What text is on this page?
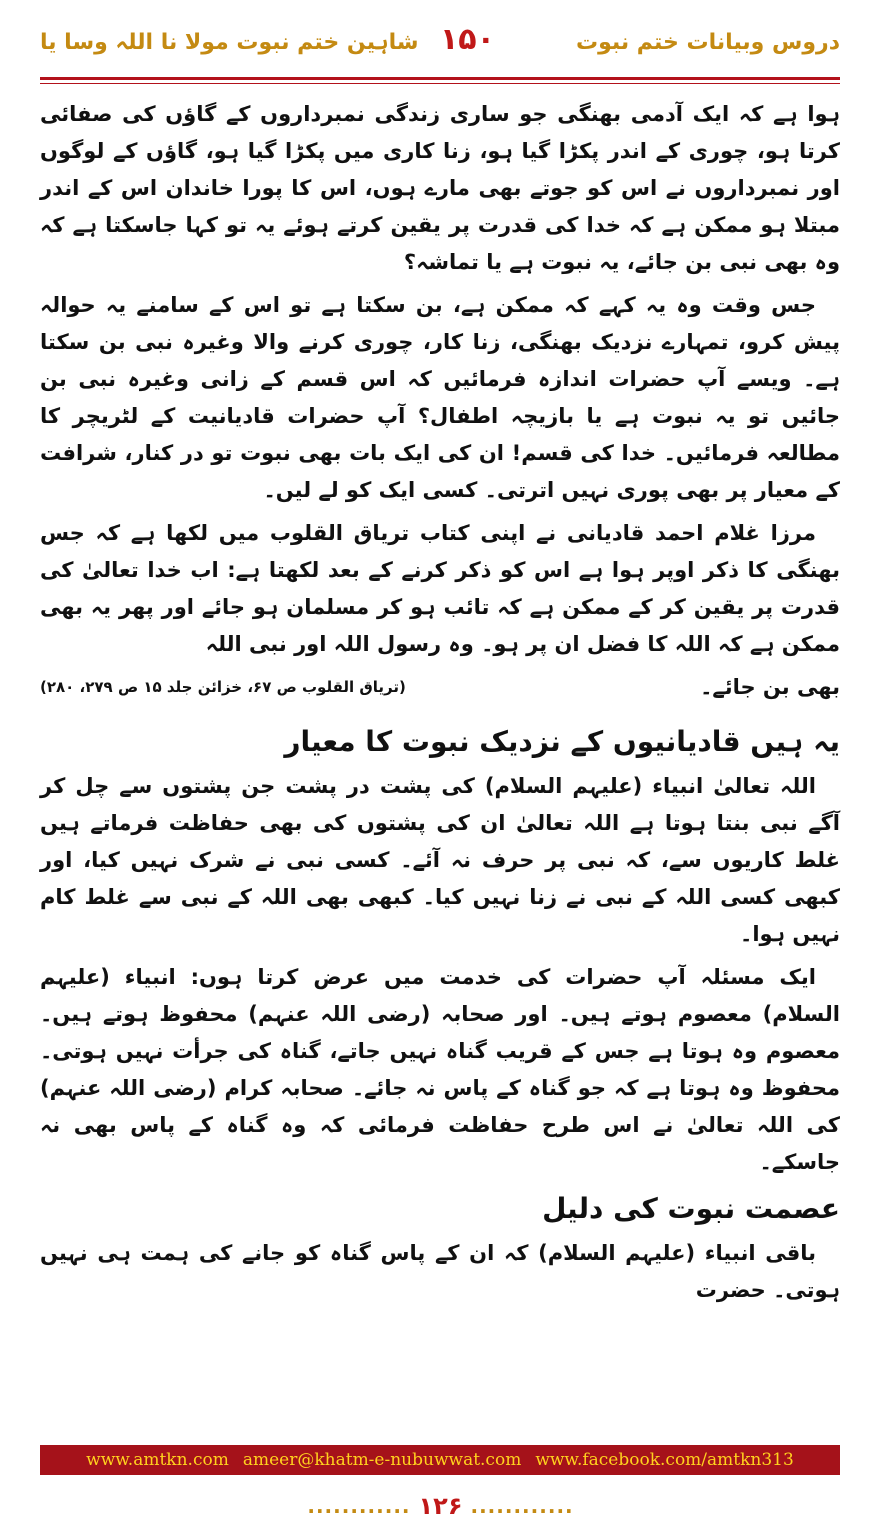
دروس وبیانات ختم نبوت
۱۵۰
شاہین ختم نبوت مولا نا اللہ وسا یا

ہوا ہے کہ ایک آدمی بھنگی جو ساری زندگی نمبرداروں کے گاؤں کی صفائی کرتا ہو، چوری کے اندر پکڑا گیا ہو، زنا کاری میں پکڑا گیا ہو، گاؤں کے لوگوں اور نمبرداروں نے اس کو جوتے بھی مارے ہوں، اس کا پورا خاندان اس کے اندر مبتلا ہو ممکن ہے کہ خدا کی قدرت پر یقین کرتے ہوئے یہ تو کہا جاسکتا ہے کہ وہ بھی نبی بن جائے، یہ نبوت ہے یا تماشہ؟

جس وقت وہ یہ کہے کہ ممکن ہے، بن سکتا ہے تو اس کے سامنے یہ حوالہ پیش کرو، تمہارے نزدیک بھنگی، زنا کار، چوری کرنے والا وغیرہ نبی بن سکتا ہے۔ ویسے آپ حضرات اندازہ فرمائیں کہ اس قسم کے زانی وغیرہ نبی بن جائیں تو یہ نبوت ہے یا بازیچہ اطفال؟ آپ حضرات قادیانیت کے لٹریچر کا مطالعہ فرمائیں۔ خدا کی قسم! ان کی ایک بات بھی نبوت تو در کنار، شرافت کے معیار پر بھی پوری نہیں اترتی۔ کسی ایک کو لے لیں۔

مرزا غلام احمد قادیانی نے اپنی کتاب تریاق القلوب میں لکھا ہے کہ جس بھنگی کا ذکر اوپر ہوا ہے اس کو ذکر کرنے کے بعد لکھتا ہے: اب خدا تعالیٰ کی قدرت پر یقین کر کے ممکن ہے کہ تائب ہو کر مسلمان ہو جائے اور پھر یہ بھی ممکن ہے کہ اللہ کا فضل ان پر ہو۔ وہ رسول اللہ اور نبی اللہ

بھی بن جائے۔
(تریاق القلوب ص ۶۷، خزائن جلد ۱۵ ص ۲۷۹، ۲۸۰)
یہ ہیں قادیانیوں کے نزدیک نبوت کا معیار

اللہ تعالیٰ انبیاء (علیہم السلام) کی پشت در پشت جن پشتوں سے چل کر آگے نبی بنتا ہوتا ہے اللہ تعالیٰ ان کی پشتوں کی بھی حفاظت فرماتے ہیں غلط کاریوں سے، کہ نبی پر حرف نہ آئے۔ کسی نبی نے شرک نہیں کیا، اور کبھی کسی اللہ کے نبی نے زنا نہیں کیا۔ کبھی بھی اللہ کے نبی سے غلط کام نہیں ہوا۔

ایک مسئلہ آپ حضرات کی خدمت میں عرض کرتا ہوں: انبیاء (علیہم السلام) معصوم ہوتے ہیں۔ اور صحابہ (رضی اللہ عنہم) محفوظ ہوتے ہیں۔ معصوم وہ ہوتا ہے جس کے قریب گناہ نہیں جاتے، گناہ کی جرأت نہیں ہوتی۔ محفوظ وہ ہوتا ہے کہ جو گناہ کے پاس نہ جائے۔ صحابہ کرام (رضی اللہ عنہم) کی اللہ تعالیٰ نے اس طرح حفاظت فرمائی کہ وہ گناہ کے پاس بھی نہ جاسکے۔

عصمت نبوت کی دلیل

باقی انبیاء (علیہم السلام) کہ ان کے پاس گناہ کو جانے کی ہمت ہی نہیں ہوتی۔ حضرت

www.amtkn.com ameer@khatm-e-nubuwwat.com www.facebook.com/amtkn313
............ ۱۲۶ ............
